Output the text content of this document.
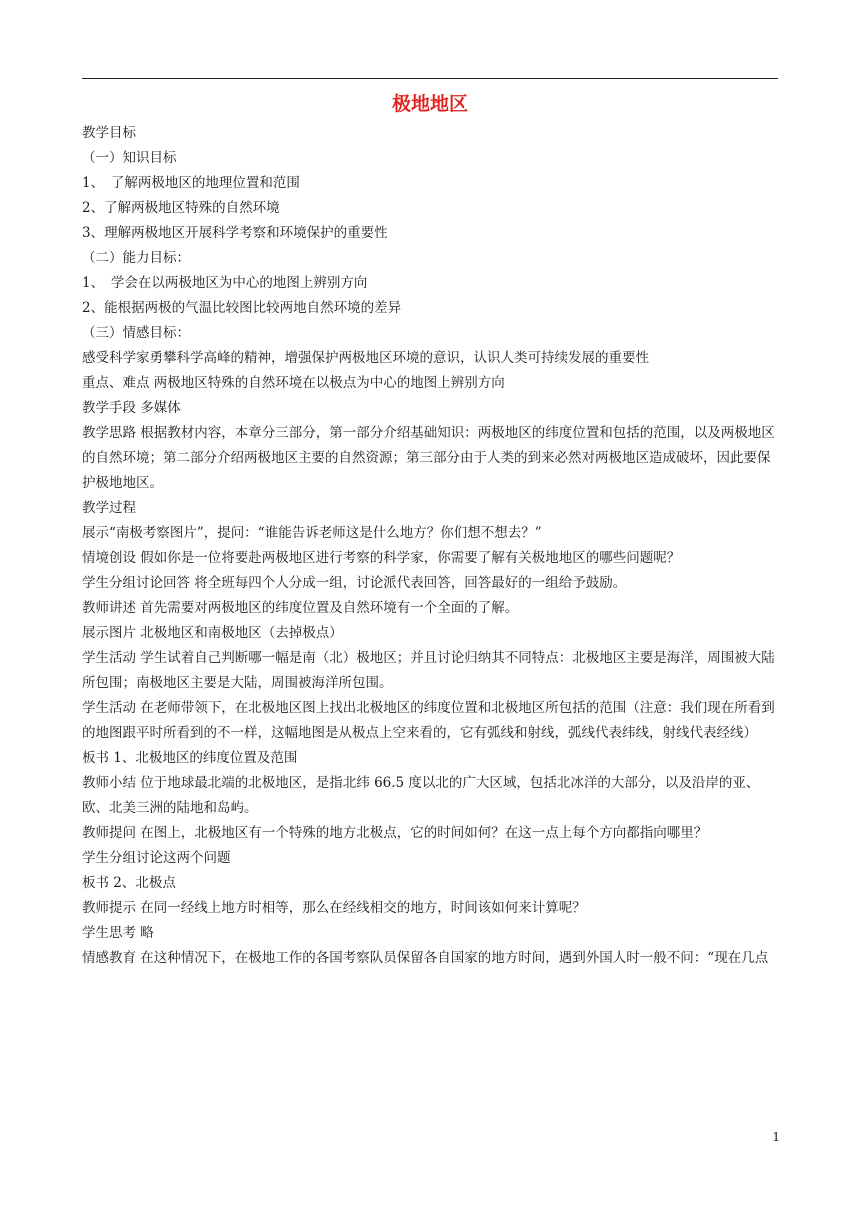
极地地区

教学目标

（一）知识目标

1、　了解两极地区的地理位置和范围

2、了解两极地区特殊的自然环境

3、理解两极地区开展科学考察和环境保护的重要性

（二）能力目标：

1、　学会在以两极地区为中心的地图上辨别方向

2、能根据两极的气温比较图比较两地自然环境的差异

（三）情感目标：

感受科学家勇攀科学高峰的精神，增强保护两极地区环境的意识，认识人类可持续发展的重要性

重点、难点 两极地区特殊的自然环境在以极点为中心的地图上辨别方向

教学手段 多媒体

教学思路 根据教材内容，本章分三部分，第一部分介绍基础知识：两极地区的纬度位置和包括的范围，以及两极地区的自然环境；第二部分介绍两极地区主要的自然资源；第三部分由于人类的到来必然对两极地区造成破坏，因此要保护极地地区。

教学过程

展示“南极考察图片”，提问：“谁能告诉老师这是什么地方？你们想不想去？”

情境创设 假如你是一位将要赴两极地区进行考察的科学家，你需要了解有关极地地区的哪些问题呢？

学生分组讨论回答 将全班每四个人分成一组，讨论派代表回答，回答最好的一组给予鼓励。

教师讲述 首先需要对两极地区的纬度位置及自然环境有一个全面的了解。

展示图片 北极地区和南极地区（去掉极点）

学生活动 学生试着自己判断哪一幅是南（北）极地区；并且讨论归纳其不同特点：北极地区主要是海洋，周围被大陆所包围；南极地区主要是大陆，周围被海洋所包围。

学生活动 在老师带领下，在北极地区图上找出北极地区的纬度位置和北极地区所包括的范围（注意：我们现在所看到的地图跟平时所看到的不一样，这幅地图是从极点上空来看的，它有弧线和射线，弧线代表纬线，射线代表经线）

板书 1、北极地区的纬度位置及范围

教师小结 位于地球最北端的北极地区，是指北纬 66.5 度以北的广大区域，包括北冰洋的大部分，以及沿岸的亚、欧、北美三洲的陆地和岛屿。

教师提问 在图上，北极地区有一个特殊的地方北极点，它的时间如何？在这一点上每个方向都指向哪里？

学生分组讨论这两个问题

板书 2、北极点

教师提示 在同一经线上地方时相等，那么在经线相交的地方，时间该如何来计算呢？

学生思考 略

情感教育 在这种情况下，在极地工作的各国考察队员保留各自国家的地方时间，遇到外国人时一般不问：“现在几点

1
